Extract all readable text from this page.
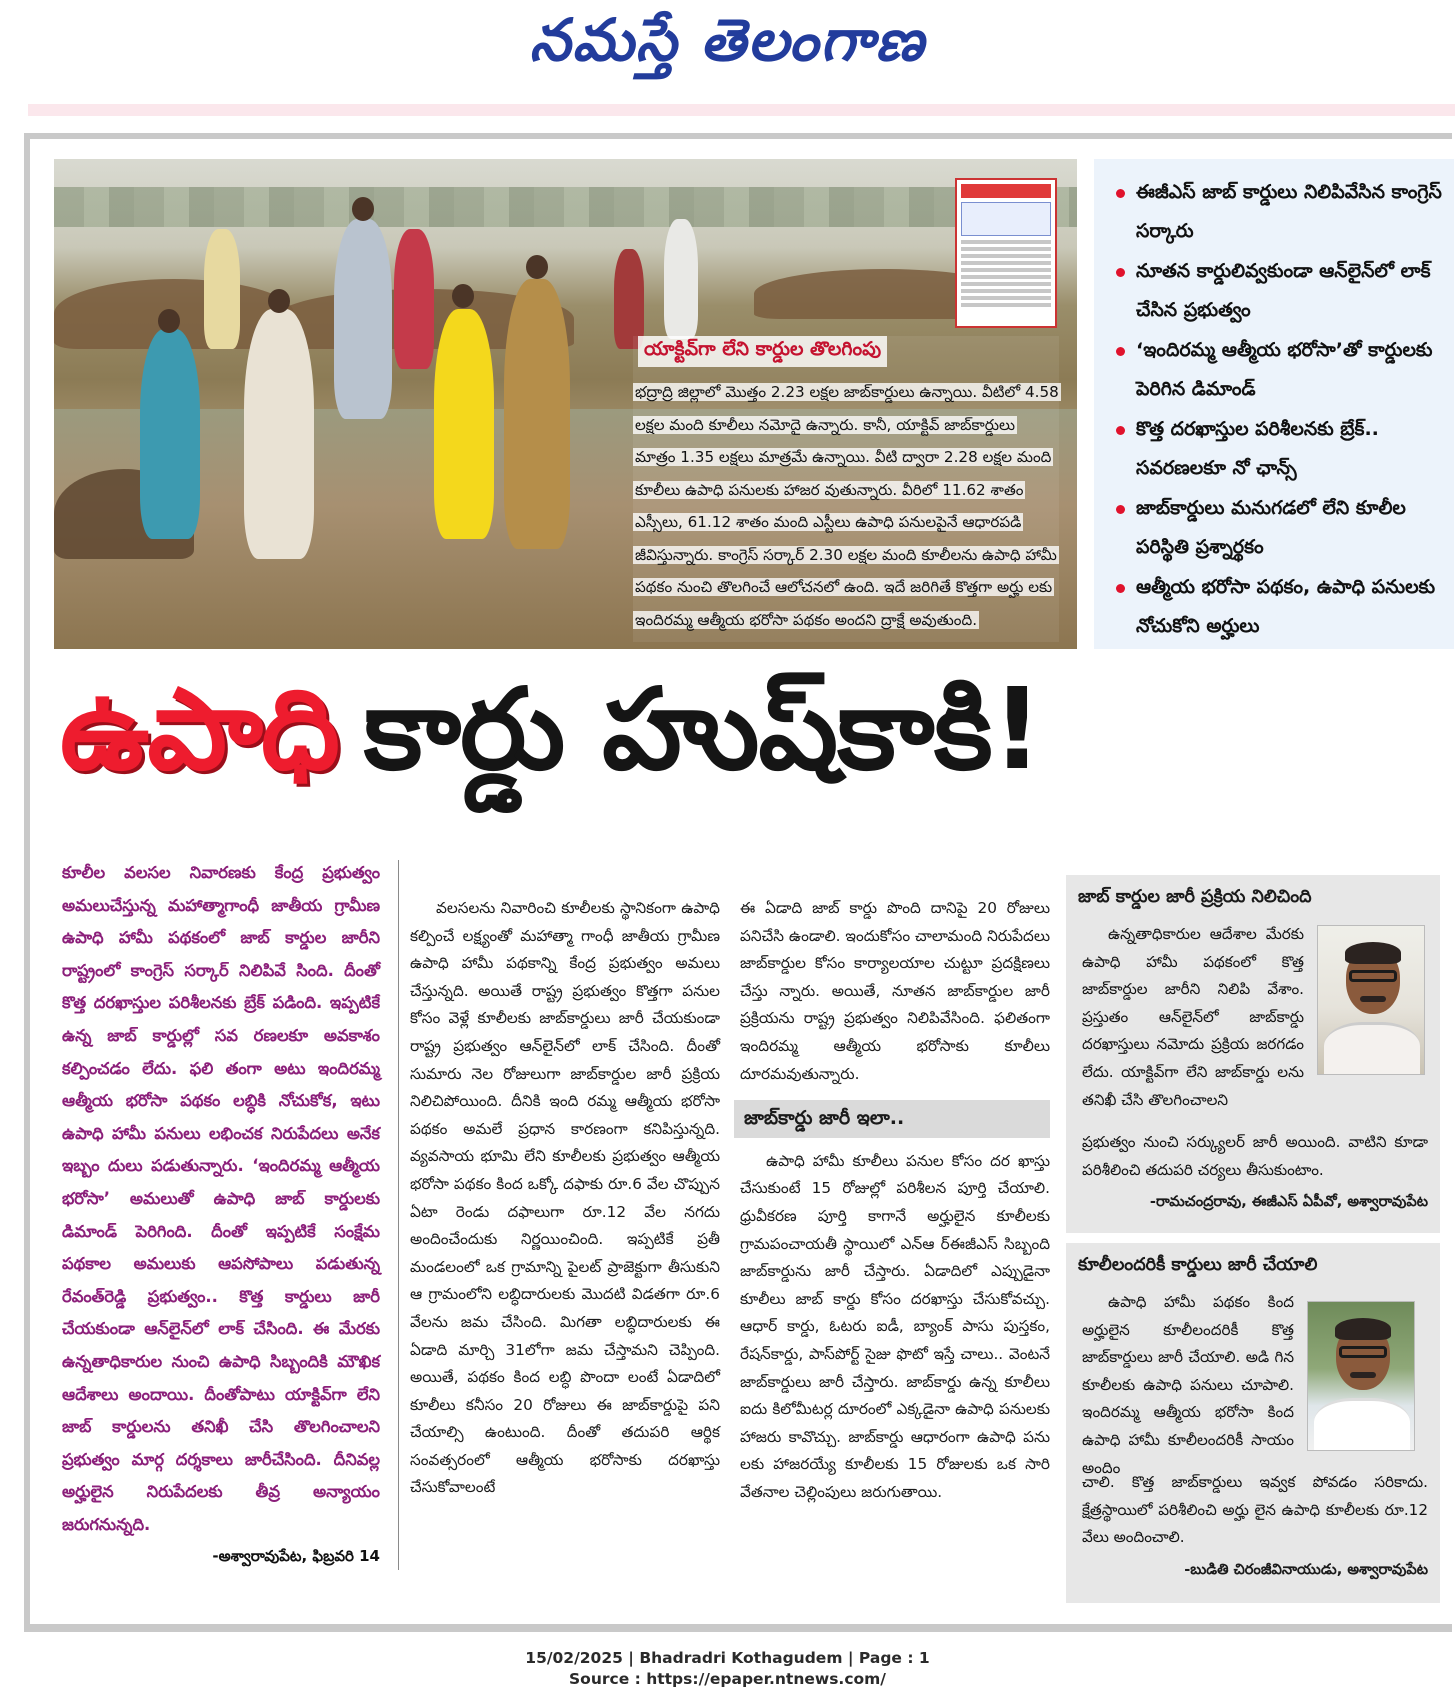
నమస్తే తెలంగాణ
యాక్టివ్‌గా లేని కార్డుల తొలగింపు
భద్రాద్రి జిల్లాలో మొత్తం 2.23 లక్షల జాబ్‌కార్డులు ఉన్నాయి. వీటిలో 4.58 లక్షల మంది కూలీలు నమోదై ఉన్నారు. కానీ, యాక్టివ్ జాబ్‌కార్డులు మాత్రం 1.35 లక్షలు మాత్రమే ఉన్నాయి. వీటి ద్వారా 2.28 లక్షల మంది కూలీలు ఉపాధి పనులకు హాజర వుతున్నారు. వీరిలో 11.62 శాతం ఎస్సీలు, 61.12 శాతం మంది ఎస్టీలు ఉపాధి పనులపైనే ఆధారపడి జీవిస్తున్నారు. కాంగ్రెస్ సర్కార్ 2.30 లక్షల మంది కూలీలను ఉపాధి హామీ పథకం నుంచి తొలగించే ఆలోచనలో ఉంది. ఇదే జరిగితే కొత్తగా అర్హు లకు ఇందిరమ్మ ఆత్మీయ భరోసా పథకం అందని ద్రాక్షే అవుతుంది.
ఈజీఎస్ జాబ్ కార్డులు నిలిపివేసిన కాంగ్రెస్ సర్కారు
నూతన కార్డులివ్వకుండా ఆన్‌లైన్‌లో లాక్ చేసిన ప్రభుత్వం
‘ఇందిరమ్మ ఆత్మీయ భరోసా’తో కార్డులకు పెరిగిన డిమాండ్
కొత్త దరఖాస్తుల పరిశీలనకు బ్రేక్.. సవరణలకూ నో ఛాన్స్
జాబ్‌కార్డులు మనుగడలో లేని కూలీల పరిస్థితి ప్రశ్నార్థకం
ఆత్మీయ భరోసా పథకం, ఉపాధి పనులకు నోచుకోని అర్హులు
ఉపాధి కార్డు హుష్‌కాకి!
కూలీల వలసల నివారణకు కేంద్ర ప్రభుత్వం అమలుచేస్తున్న మహాత్మాగాంధీ జాతీయ గ్రామీణ ఉపాధి హామీ పథకంలో జాబ్ కార్డుల జారీని రాష్ట్రంలో కాంగ్రెస్ సర్కార్ నిలిపివే సింది. దీంతో కొత్త దరఖాస్తుల పరిశీలనకు బ్రేక్ పడింది. ఇప్పటికే ఉన్న జాబ్ కార్డుల్లో సవ రణలకూ అవకాశం కల్పించడం లేదు. ఫలి తంగా అటు ఇందిరమ్మ ఆత్మీయ భరోసా పథకం లబ్ధికి నోచుకోక, ఇటు ఉపాధి హామీ పనులు లభించక నిరుపేదలు అనేక ఇబ్బం దులు పడుతున్నారు. ‘ఇందిరమ్మ ఆత్మీయ భరోసా’ అమలుతో ఉపాధి జాబ్ కార్డులకు డిమాండ్ పెరిగింది. దీంతో ఇప్పటికే సంక్షేమ పథకాల అమలుకు ఆపసోపాలు పడుతున్న రేవంత్‌రెడ్డి ప్రభుత్వం.. కొత్త కార్డులు జారీ చేయకుండా ఆన్‌లైన్‌లో లాక్ చేసింది. ఈ మేరకు ఉన్నతాధికారుల నుంచి ఉపాధి సిబ్బందికి మౌఖిక ఆదేశాలు అందాయి. దీంతోపాటు యాక్టివ్‌గా లేని జాబ్ కార్డులను తనిఖీ చేసి తొలగించాలని ప్రభుత్వం మార్గ దర్శకాలు జారీచేసింది. దీనివల్ల అర్హులైన నిరుపేదలకు తీవ్ర అన్యాయం జరుగనున్నది.
-అశ్వారావుపేట, ఫిబ్రవరి 14
వలసలను నివారించి కూలీలకు స్థానికంగా ఉపాధి కల్పించే లక్ష్యంతో మహాత్మా గాంధీ జాతీయ గ్రామీణ ఉపాధి హామీ పథకాన్ని కేంద్ర ప్రభుత్వం అమలు చేస్తున్నది. అయితే రాష్ట్ర ప్రభుత్వం కొత్తగా పనుల కోసం వెళ్లే కూలీలకు జాబ్‌కార్డులు జారీ చేయకుండా రాష్ట్ర ప్రభుత్వం ఆన్‌లైన్‌లో లాక్ చేసింది. దీంతో సుమారు నెల రోజులుగా జాబ్‌కార్డుల జారీ ప్రక్రియ నిలిచిపోయింది. దీనికి ఇంది రమ్మ ఆత్మీయ భరోసా పథకం అమలే ప్రధాన కారణంగా కనిపిస్తున్నది. వ్యవసాయ భూమి లేని కూలీలకు ప్రభుత్వం ఆత్మీయ భరోసా పథకం కింద ఒక్కో దఫాకు రూ.6 వేల చొప్పున ఏటా రెండు దఫాలుగా రూ.12 వేల నగదు అందించేందుకు నిర్ణయించింది. ఇప్పటికే ప్రతీ మండలంలో ఒక గ్రామాన్ని పైలట్ ప్రాజెక్టుగా తీసుకుని ఆ గ్రామంలోని లబ్ధిదారులకు మొదటి విడతగా రూ.6 వేలను జమ చేసింది. మిగతా లబ్ధిదారులకు ఈ ఏడాది మార్చి 31లోగా జమ చేస్తామని చెప్పింది. అయితే, పథకం కింద లబ్ధి పొందా లంటే ఏడాదిలో కూలీలు కనీసం 20 రోజులు ఈ జాబ్‌కార్డుపై పని చేయాల్సి ఉంటుంది. దీంతో తదుపరి ఆర్థిక సంవత్సరంలో ఆత్మీయ భరోసాకు దరఖాస్తు చేసుకోవాలంటే
ఈ ఏడాది జాబ్ కార్డు పొంది దానిపై 20 రోజులు పనిచేసి ఉండాలి. ఇందుకోసం చాలామంది నిరుపేదలు జాబ్‌కార్డుల కోసం కార్యాలయాల చుట్టూ ప్రదక్షిణలు చేస్తు న్నారు. అయితే, నూతన జాబ్‌కార్డుల జారీ ప్రక్రియను రాష్ట్ర ప్రభుత్వం నిలిపివేసింది. ఫలితంగా ఇందిరమ్మ ఆత్మీయ భరోసాకు కూలీలు దూరమవుతున్నారు.
జాబ్‌కార్డు జారీ ఇలా..
ఉపాధి హామీ కూలీలు పనుల కోసం దర ఖాస్తు చేసుకుంటే 15 రోజుల్లో పరిశీలన పూర్తి చేయాలి. ధ్రువీకరణ పూర్తి కాగానే అర్హులైన కూలీలకు గ్రామపంచాయతీ స్థాయిలో ఎన్‌ఆ ర్‌ఈజీఎస్ సిబ్బంది జాబ్‌కార్డును జారీ చేస్తారు. ఏడాదిలో ఎప్పుడైనా కూలీలు జాబ్ కార్డు కోసం దరఖాస్తు చేసుకోవచ్చు. ఆధార్ కార్డు, ఓటరు ఐడీ, బ్యాంక్ పాసు పుస్తకం, రేషన్‌కార్డు, పాస్‌పోర్ట్ సైజు ఫొటో ఇస్తే చాలు.. వెంటనే జాబ్‌కార్డులు జారీ చేస్తారు. జాబ్‌కార్డు ఉన్న కూలీలు ఐదు కిలోమీటర్ల దూరంలో ఎక్కడైనా ఉపాధి పనులకు హాజరు కావొచ్చు. జాబ్‌కార్డు ఆధారంగా ఉపాధి పను లకు హాజరయ్యే కూలీలకు 15 రోజులకు ఒక సారి వేతనాల చెల్లింపులు జరుగుతాయి.
జాబ్ కార్డుల జారీ ప్రక్రియ నిలిచింది
ఉన్నతాధికారుల ఆదేశాల మేరకు ఉపాధి హామీ పథకంలో కొత్త జాబ్‌కార్డుల జారీని నిలిపి వేశాం. ప్రస్తుతం ఆన్‌లైన్‌లో జాబ్‌కార్డు దరఖాస్తులు నమోదు ప్రక్రియ జరగడం లేదు. యాక్టివ్‌గా లేని జాబ్‌కార్డు లను తనిఖీ చేసి తొలగించాలని
ప్రభుత్వం నుంచి సర్క్యులర్ జారీ అయింది. వాటిని కూడా పరిశీలించి తదుపరి చర్యలు తీసుకుంటాం.
-రామచంద్రరావు, ఈజీఎస్ ఏపీవో, అశ్వారావుపేట
కూలీలందరికీ కార్డులు జారీ చేయాలి
ఉపాధి హామీ పథకం కింద అర్హులైన కూలీలందరికీ కొత్త జాబ్‌కార్డులు జారీ చేయాలి. అడి గిన కూలీలకు ఉపాధి పనులు చూపాలి. ఇందిరమ్మ ఆత్మీయ భరోసా కింద ఉపాధి హామీ కూలీలందరికీ సాయం అందిం
చాలి. కొత్త జాబ్‌కార్డులు ఇవ్వక పోవడం సరికాదు. క్షేత్రస్థాయిలో పరిశీలించి అర్హు లైన ఉపాధి కూలీలకు రూ.12 వేలు అందించాలి.
-బుడితి చిరంజీవినాయుడు, అశ్వారావుపేట
15/02/2025 | Bhadradri Kothagudem | Page : 1
Source : https://epaper.ntnews.com/
